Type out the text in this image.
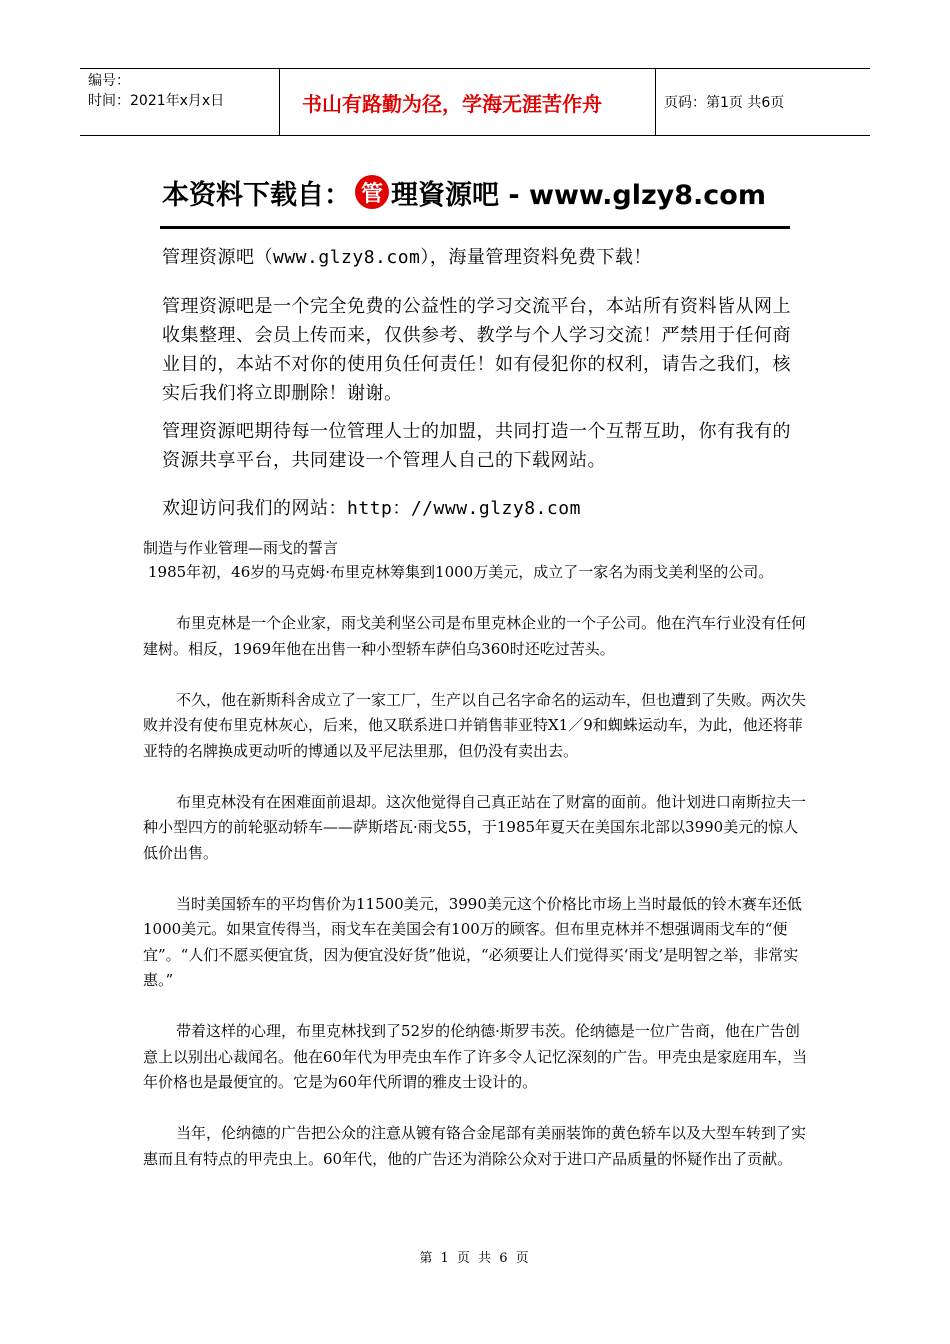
编号：
时间：2021年x月x日	书山有路勤为径，学海无涯苦作舟	页码：第1页 共6页
本资料下载自： 管 理資源吧 - www.glzy8.com
管理资源吧（www.glzy8.com），海量管理资料免费下载！
管理资源吧是一个完全免费的公益性的学习交流平台，本站所有资料皆从网上收集整理、会员上传而来，仅供参考、教学与个人学习交流！严禁用于任何商业目的，本站不对你的使用负任何责任！如有侵犯你的权利，请告之我们，核实后我们将立即删除！谢谢。
管理资源吧期待每一位管理人士的加盟，共同打造一个互帮互助，你有我有的资源共享平台，共同建设一个管理人自己的下载网站。
欢迎访问我们的网站：http：//www.glzy8.com
制造与作业管理—雨戈的誓言

1985年初，46岁的马克姆·布里克林筹集到1000万美元，成立了一家名为雨戈美利坚的公司。

布里克林是一个企业家，雨戈美利坚公司是布里克林企业的一个子公司。他在汽车行业没有任何建树。相反，1969年他在出售一种小型轿车萨伯乌360时还吃过苦头。

不久，他在新斯科舍成立了一家工厂，生产以自己名字命名的运动车，但也遭到了失败。两次失败并没有使布里克林灰心，后来，他又联系进口并销售菲亚特X1／9和蜘蛛运动车，为此，他还将菲亚特的名牌换成更动听的博通以及平尼法里那，但仍没有卖出去。

布里克林没有在困难面前退却。这次他觉得自己真正站在了财富的面前。他计划进口南斯拉夫一种小型四方的前轮驱动轿车——萨斯塔瓦·雨戈55，于1985年夏天在美国东北部以3990美元的惊人低价出售。

当时美国轿车的平均售价为11500美元，3990美元这个价格比市场上当时最低的铃木赛车还低1000美元。如果宣传得当，雨戈车在美国会有100万的顾客。但布里克林并不想强调雨戈车的“便宜”。“人们不愿买便宜货，因为便宜没好货”他说，“必须要让人们觉得买‘雨戈’是明智之举，非常实惠。”

带着这样的心理，布里克林找到了52岁的伦纳德·斯罗韦茨。伦纳德是一位广告商，他在广告创意上以别出心裁闻名。他在60年代为甲壳虫车作了许多令人记忆深刻的广告。甲壳虫是家庭用车，当年价格也是最便宜的。它是为60年代所谓的雅皮士设计的。

当年，伦纳德的广告把公众的注意从镀有铬合金尾部有美丽装饰的黄色轿车以及大型车转到了实惠而且有特点的甲壳虫上。60年代，他的广告还为消除公众对于进口产品质量的怀疑作出了贡献。

第 1 页 共 6 页
